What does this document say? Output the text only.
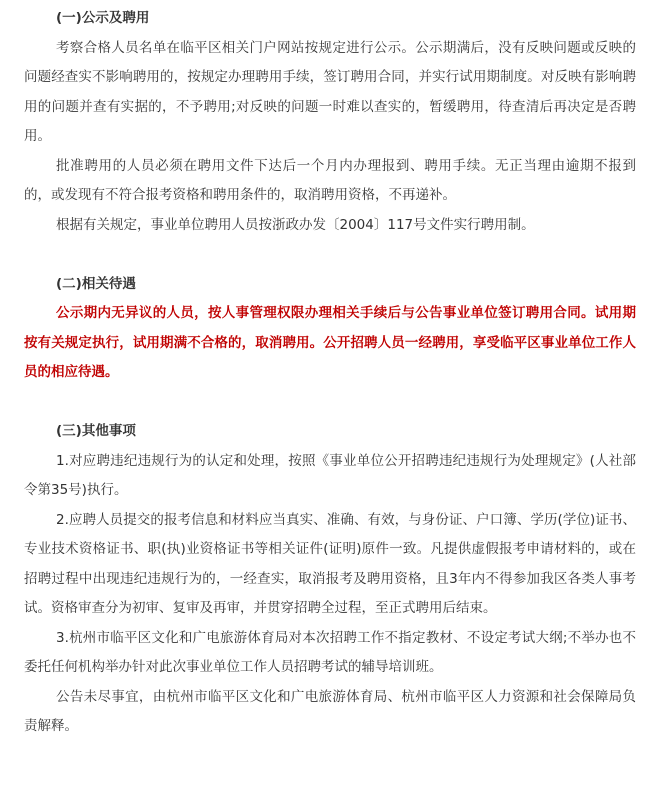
(一)公示及聘用

考察合格人员名单在临平区相关门户网站按规定进行公示。公示期满后，没有反映问题或反映的问题经查实不影响聘用的，按规定办理聘用手续，签订聘用合同，并实行试用期制度。对反映有影响聘用的问题并查有实据的，不予聘用;对反映的问题一时难以查实的，暂缓聘用，待查清后再决定是否聘用。

批准聘用的人员必须在聘用文件下达后一个月内办理报到、聘用手续。无正当理由逾期不报到的，或发现有不符合报考资格和聘用条件的，取消聘用资格，不再递补。

根据有关规定，事业单位聘用人员按浙政办发〔2004〕117号文件实行聘用制。

(二)相关待遇

公示期内无异议的人员，按人事管理权限办理相关手续后与公告事业单位签订聘用合同。试用期按有关规定执行，试用期满不合格的，取消聘用。公开招聘人员一经聘用，享受临平区事业单位工作人员的相应待遇。

(三)其他事项

1.对应聘违纪违规行为的认定和处理，按照《事业单位公开招聘违纪违规行为处理规定》(人社部令第35号)执行。

2.应聘人员提交的报考信息和材料应当真实、准确、有效，与身份证、户口簿、学历(学位)证书、专业技术资格证书、职(执)业资格证书等相关证件(证明)原件一致。凡提供虚假报考申请材料的，或在招聘过程中出现违纪违规行为的，一经查实，取消报考及聘用资格，且3年内不得参加我区各类人事考试。资格审查分为初审、复审及再审，并贯穿招聘全过程，至正式聘用后结束。

3.杭州市临平区文化和广电旅游体育局对本次招聘工作不指定教材、不设定考试大纲;不举办也不委托任何机构举办针对此次事业单位工作人员招聘考试的辅导培训班。

公告未尽事宜，由杭州市临平区文化和广电旅游体育局、杭州市临平区人力资源和社会保障局负责解释。
